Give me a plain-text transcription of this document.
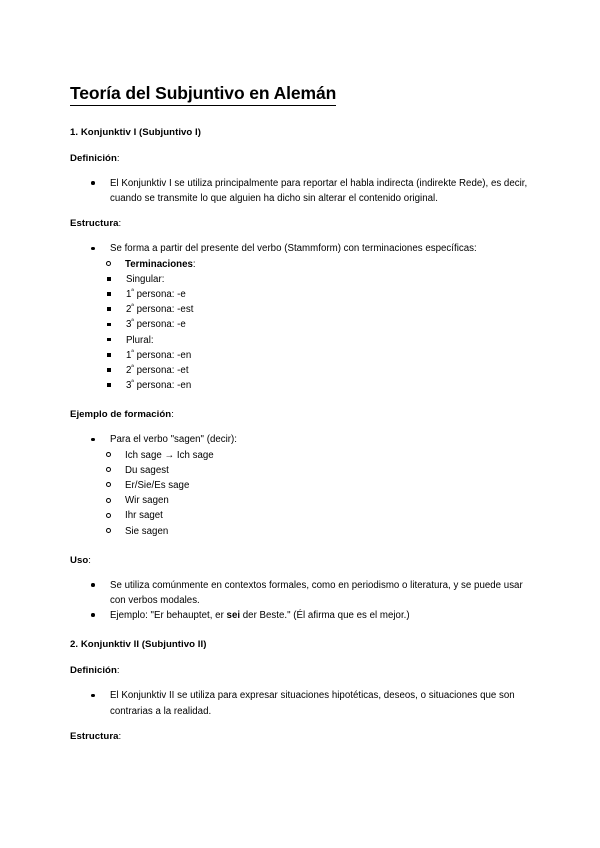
Teoría del Subjuntivo en Alemán
1. Konjunktiv I (Subjuntivo I)
Definición:
El Konjunktiv I se utiliza principalmente para reportar el habla indirecta (indirekte Rede), es decir, cuando se transmite lo que alguien ha dicho sin alterar el contenido original.
Estructura:
Se forma a partir del presente del verbo (Stammform) con terminaciones específicas:
Terminaciones:
Singular:
$1^ª$ persona: -e
$2^ª$ persona: -est
$3^ª$ persona: -e
Plural:
$1^ª$ persona: -en
$2^ª$ persona: -et
$3^ª$ persona: -en
Ejemplo de formación:
Para el verbo "sagen" (decir):
Ich sage → Ich sage
Du sagest
Er/Sie/Es sage
Wir sagen
Ihr saget
Sie sagen
Uso:
Se utiliza comúnmente en contextos formales, como en periodismo o literatura, y se puede usar con verbos modales.
Ejemplo: "Er behauptet, er sei der Beste." (Él afirma que es el mejor.)
2. Konjunktiv II (Subjuntivo II)
Definición:
El Konjunktiv II se utiliza para expresar situaciones hipotéticas, deseos, o situaciones que son contrarias a la realidad.
Estructura:
